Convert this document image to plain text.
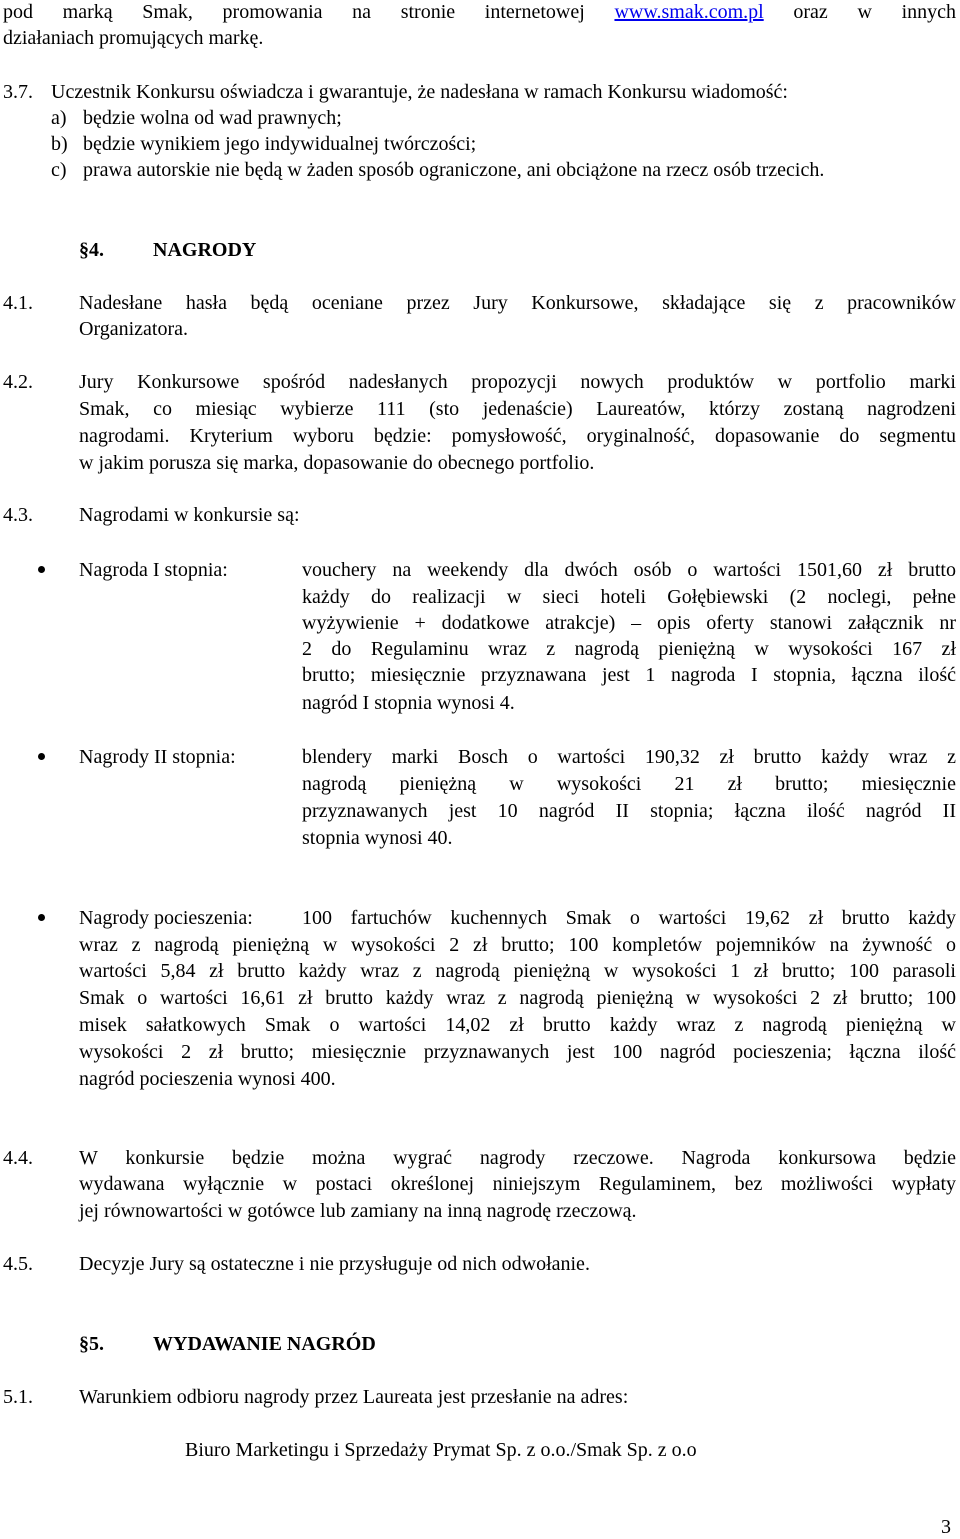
pod marką Smak, promowania na stronie internetowej www.smak.com.pl oraz w innych
działaniach promujących markę.
3.7. Uczestnik Konkursu oświadcza i gwarantuje, że nadesłana w ramach Konkursu wiadomość:
a) będzie wolna od wad prawnych;
b) będzie wynikiem jego indywidualnej twórczości;
c) prawa autorskie nie będą w żaden sposób ograniczone, ani obciążone na rzecz osób trzecich.
§4. NAGRODY
4.1. Nadesłane hasła będą oceniane przez Jury Konkursowe, składające się z pracowników
Organizatora.
4.2. Jury Konkursowe spośród nadesłanych propozycji nowych produktów w portfolio marki
Smak, co miesiąc wybierze 111 (sto jedenaście) Laureatów, którzy zostaną nagrodzeni
nagrodami. Kryterium wyboru będzie: pomysłowość, oryginalność, dopasowanie do segmentu
w jakim porusza się marka, dopasowanie do obecnego portfolio.
4.3. Nagrodami w konkursie są:
Nagroda I stopnia:	vouchery na weekendy dla dwóch osób o wartości 1501,60 zł brutto
każdy do realizacji w sieci hoteli Gołębiewski (2 noclegi, pełne
wyżywienie + dodatkowe atrakcje) – opis oferty stanowi załącznik nr
2 do Regulaminu wraz z nagrodą pieniężną w wysokości 167 zł
brutto; miesięcznie przyznawana jest 1 nagroda I stopnia, łączna ilość
nagród I stopnia wynosi 4.
Nagrody II stopnia:	blendery marki Bosch o wartości 190,32 zł brutto każdy wraz z
nagrodą pieniężną w wysokości 21 zł brutto; miesięcznie
przyznawanych jest 10 nagród II stopnia; łączna ilość nagród II
stopnia wynosi 40.
Nagrody pocieszenia: 100 fartuchów kuchennych Smak o wartości 19,62 zł brutto każdy
wraz z nagrodą pieniężną w wysokości 2 zł brutto; 100 kompletów pojemników na żywność o
wartości 5,84 zł brutto każdy wraz z nagrodą pieniężną w wysokości 1 zł brutto; 100 parasoli
Smak o wartości 16,61 zł brutto każdy wraz z nagrodą pieniężną w wysokości 2 zł brutto; 100
misek sałatkowych Smak o wartości 14,02 zł brutto każdy wraz z nagrodą pieniężną w
wysokości 2 zł brutto; miesięcznie przyznawanych jest 100 nagród pocieszenia; łączna ilość
nagród pocieszenia wynosi 400.
4.4. W konkursie będzie można wygrać nagrody rzeczowe. Nagroda konkursowa będzie
wydawana wyłącznie w postaci określonej niniejszym Regulaminem, bez możliwości wypłaty
jej równowartości w gotówce lub zamiany na inną nagrodę rzeczową.
4.5. Decyzje Jury są ostateczne i nie przysługuje od nich odwołanie.
§5. WYDAWANIE NAGRÓD
5.1. Warunkiem odbioru nagrody przez Laureata jest przesłanie na adres:
Biuro Marketingu i Sprzedaży Prymat Sp. z o.o./Smak Sp. z o.o
3
